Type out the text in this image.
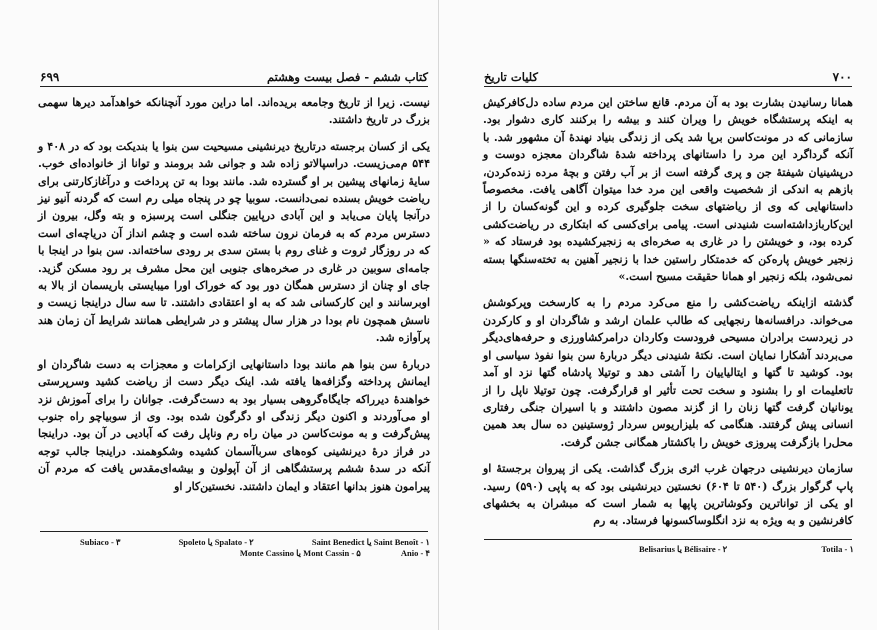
۶۹۹	کتاب ششم - فصل بیست وهشتم

نیست. زیرا از تاریخ وجامعه بریده‌اند. اما دراین مورد آنچنانکه خواهد‌آمد دیرها سهمی بزرگ در تاریخ داشتند.

یکی از کسان برجسته درتاریخ دیرنشینی مسیحیت سن بنوا یا بندیکت بود که در ۴۰۸ و ۵۴۴ م‌می‌زیست. دراسپالاتو زاده شد و جوانی شد برومند و توانا از خانواده‌ای خوب. سایهٔ زمانهای پیشین بر او گسترده شد. مانند بودا به تن پرداخت و درآغازکارتنی برای ریاضت خویش بسنده نمی‌دانست. سوبیا چو در پنجاه میلی رم است که گردنه آنیو نیز درآنجا پایان می‌یابد و این آبادی درپایین جنگلی است پرسبزه و بته وگل، بیرون از دسترس مردم که به فرمان نرون ساخته شده است و چشم انداز آن دریاچه‌ای است که در روزگار ثروت و غنای روم با بستن سدی بر رودی ساخته‌اند. سن بنوا در اینجا با جامه‌ای سوبین در غاری در صخره‌های جنوبی این محل مشرف بر رود مسکن گزید. جای او چنان از دسترس همگان دور بود که خوراک اورا میبایستی باریسمان از بالا به اوبرسانند و این کارکسانی شد که به او اعتقادی داشتند. تا سه سال دراینجا زیست و ناسش همچون نام بودا در هزار سال پیشتر و در شرایطی همانند شرایط آن زمان هند پرآوازه شد.

دربارهٔ سن بنوا هم مانند بودا داستانهایی ازکرامات و معجزات به دست شاگردان او ایمانش پرداخته وگزافه‌ها یافته شد. اینک دیگر دست از ریاضت کشید وسرپرستی خواهندهٔ دیرراکه جایگاه‌گروهی بسیار بود به دست‌گرفت. جوانان را برای آموزش نزد او می‌آوردند و اکنون دیگر زندگی او دگرگون شده بود. وی از سوبیاچو راه جنوب پیش‌گرفت و به مونت‌کاسن در میان راه رم وناپل رفت که آبادیی در آن بود. دراینجا در فراز درهٔ دیرنشینی کوه‌های سرباآسمان کشیده وشکوهمند. دراینجا جالب توجه آنکه در سدهٔ ششم پرستشگاهی از آن آپولون و بیشه‌ای‌مقدس یافت که مردم آن پیرامون هنوز بدانها اعتقاد و ایمان داشتند. نخستین‌کار او

Subiaco - ۳	Spoleto یا Spalato - ۲	Saint Benedict یا Saint Benoît - ۱
Monte Cassino یا Mont Cassin - ۵	Anio - ۴
کلیات تاریخ	۷۰۰

همانا رسانیدن بشارت بود به آن مردم. قانع ساختن این مردم ساده دل‌کافرکیش به اینکه پرستشگاه خویش را ویران کنند و بیشه را برکنند کاری دشوار بود. سازمانی که در مونت‌کاسن برپا شد یکی از زندگی بنیاد نهندهٔ آن مشهور شد. با آنکه گرداگرد این مرد را داستانهای پرداخته شدهٔ شاگردان معجزه دوست و درپشینیان شیفتهٔ جن و پری گرفته است از بر آب رفتن و بچهٔ مرده زنده‌کردن، بازهم به اندکی از شخصیت واقعی این مرد خدا میتوان آگاهی یافت. مخصوصاً داستانهایی که وی از ریاضتهای سخت جلوگیری کرده و این گونه‌کسان را از این‌کارباز‌داشته‌است شنیدنی است. پیامی برای‌کسی که ابتکاری در ریاضت‌کشی کرده بود، و خویشتن را در غاری به صخره‌ای به زنجیرکشیده بود فرستاد که « زنجیر خویش پاره‌کن که خدمتکار راستین خدا با زنجیر آهنین به تخته‌سنگها بسته نمی‌شود، بلکه زنجیر او همانا حقیقت مسیح است.»

گذشته ازاینکه ریاضت‌کشی را منع می‌کرد مردم را به کارسخت وپرکوشش می‌خواند. درافسانه‌ها رنجهایی که طالب علمان ارشد و شاگردان او و کارکردن در زیردست برادران مسیحی فرودست وکاردان درامرکشاورزی و حرفه‌های‌دیگر می‌بردند آشکارا نمایان است. نکتهٔ شنیدنی دیگر دربارهٔ سن بنوا نفوذ سیاسی او بود. کوشید تا گتها و ایتالیاییان را آشتی دهد و توتیلا پادشاه گتها نزد او آمد تاتعلیمات او را بشنود و سخت تحت تأثیر او قرارگرفت. چون توتیلا ناپل را از یونانیان گرفت گتها زنان را از گزند مصون داشتند و با اسیران جنگی رفتاری انسانی پیش گرفتند. هنگامی که بلیزاریوس سردار ژوستینین ده سال بعد همین محل‌را بازگرفت پیروزی خویش را باکشتار همگانی جشن گرفت.

سازمان دیرنشینی درجهان غرب اثری بزرگ گذاشت. یکی از پیروان برجستهٔ او پاپ گرگوار بزرگ (۵۴۰ تا ۶۰۴) نخستین دیرنشینی بود که به پاپی (۵۹۰) رسید. او یکی از تواناترین وکوشاترین پاپها به شمار است که مبشران به بخشهای کافرنشین و به ویژه به نزد انگلوساکسونها فرستاد. به رم

Belisarius یا Bélisaire - ۲	Totila - ۱
